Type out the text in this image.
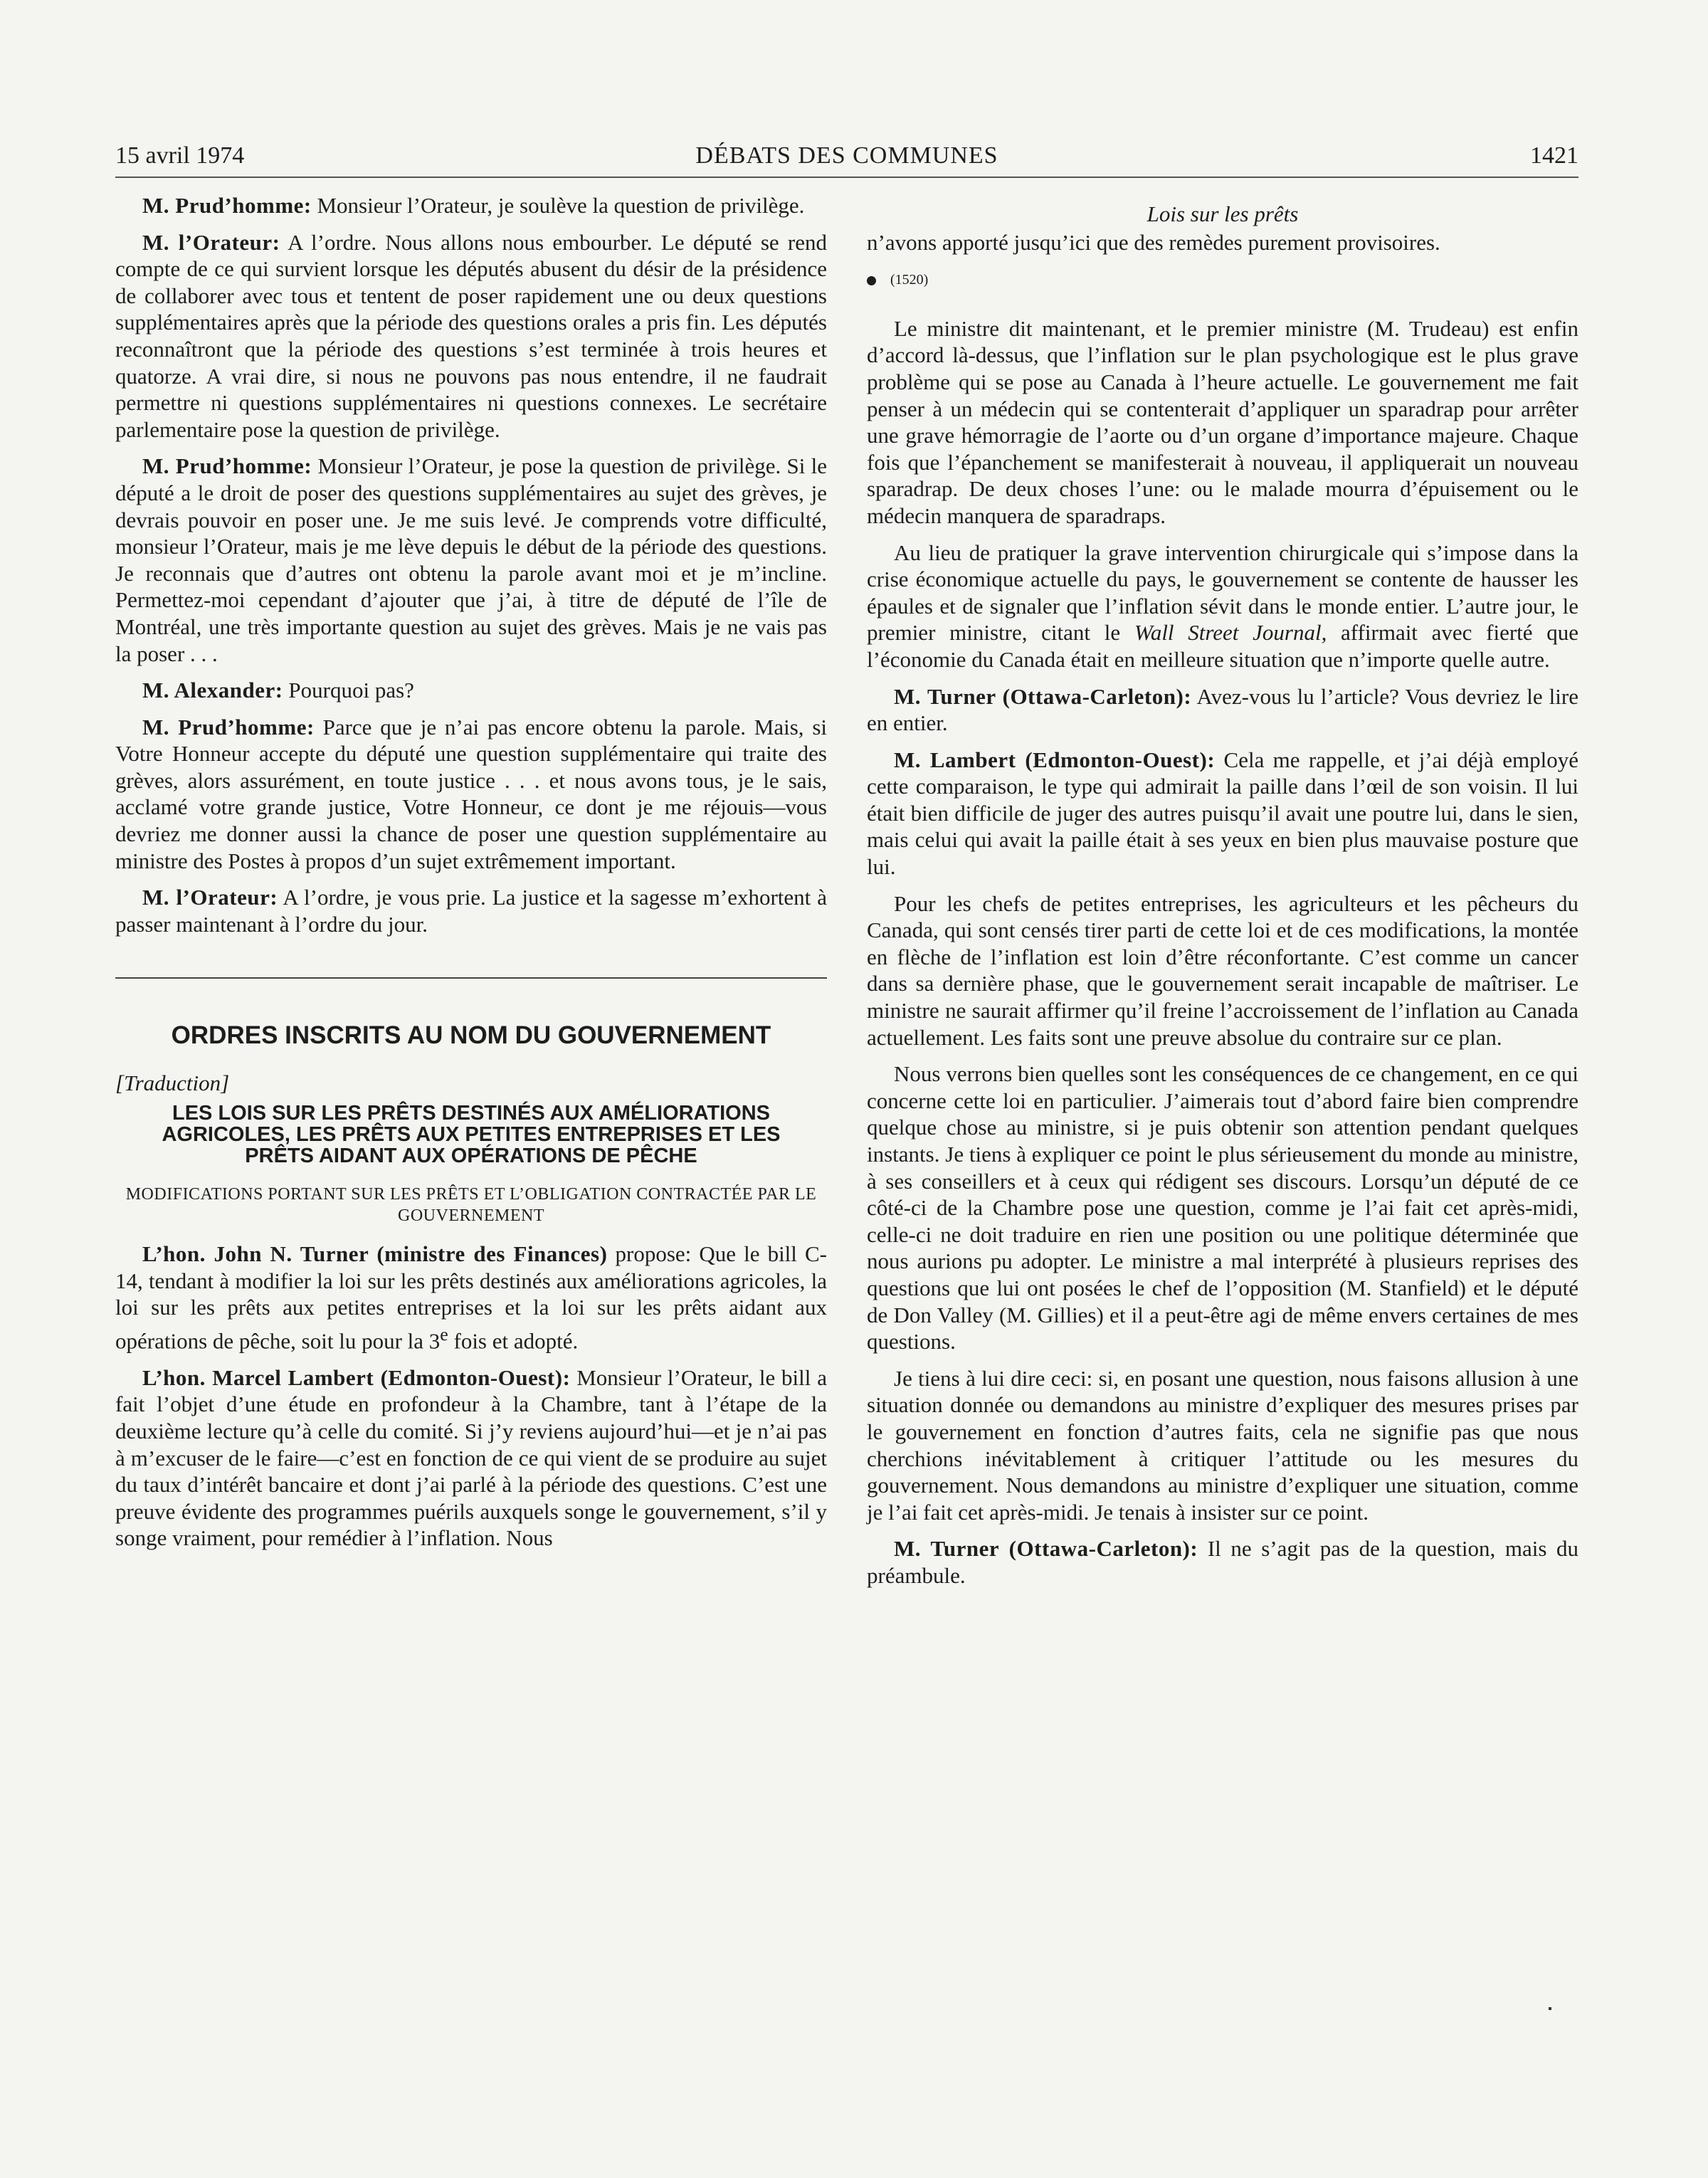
15 avril 1974	DÉBATS DES COMMUNES	1421

M. Prud’homme: Monsieur l’Orateur, je soulève la question de privilège.

M. l’Orateur: A l’ordre. Nous allons nous embourber. Le député se rend compte de ce qui survient lorsque les députés abusent du désir de la présidence de collaborer avec tous et tentent de poser rapidement une ou deux questions supplémentaires après que la période des questions orales a pris fin. Les députés reconnaîtront que la période des questions s’est terminée à trois heures et quatorze. A vrai dire, si nous ne pouvons pas nous entendre, il ne faudrait permettre ni questions supplémentaires ni questions connexes. Le secrétaire parlementaire pose la question de privilège.

M. Prud’homme: Monsieur l’Orateur, je pose la question de privilège. Si le député a le droit de poser des questions supplémentaires au sujet des grèves, je devrais pouvoir en poser une. Je me suis levé. Je comprends votre difficulté, monsieur l’Orateur, mais je me lève depuis le début de la période des questions. Je reconnais que d’autres ont obtenu la parole avant moi et je m’incline. Permettez-moi cependant d’ajouter que j’ai, à titre de député de l’île de Montréal, une très importante question au sujet des grèves. Mais je ne vais pas la poser . . .

M. Alexander: Pourquoi pas?

M. Prud’homme: Parce que je n’ai pas encore obtenu la parole. Mais, si Votre Honneur accepte du député une question supplémentaire qui traite des grèves, alors assurément, en toute justice . . . et nous avons tous, je le sais, acclamé votre grande justice, Votre Honneur, ce dont je me réjouis—vous devriez me donner aussi la chance de poser une question supplémentaire au ministre des Postes à propos d’un sujet extrêmement important.

M. l’Orateur: A l’ordre, je vous prie. La justice et la sagesse m’exhortent à passer maintenant à l’ordre du jour.

ORDRES INSCRITS AU NOM DU GOUVERNEMENT

[Traduction]

LES LOIS SUR LES PRÊTS DESTINÉS AUX AMÉLIORATIONS AGRICOLES, LES PRÊTS AUX PETITES ENTREPRISES ET LES PRÊTS AIDANT AUX OPÉRATIONS DE PÊCHE
MODIFICATIONS PORTANT SUR LES PRÊTS ET L’OBLIGATION CONTRACTÉE PAR LE GOUVERNEMENT

L’hon. John N. Turner (ministre des Finances) propose: Que le bill C-14, tendant à modifier la loi sur les prêts destinés aux améliorations agricoles, la loi sur les prêts aux petites entreprises et la loi sur les prêts aidant aux opérations de pêche, soit lu pour la 3e fois et adopté.

L’hon. Marcel Lambert (Edmonton-Ouest): Monsieur l’Orateur, le bill a fait l’objet d’une étude en profondeur à la Chambre, tant à l’étape de la deuxième lecture qu’à celle du comité. Si j’y reviens aujourd’hui—et je n’ai pas à m’excuser de le faire—c’est en fonction de ce qui vient de se produire au sujet du taux d’intérêt bancaire et dont j’ai parlé à la période des questions. C’est une preuve évidente des programmes puérils auxquels songe le gouvernement, s’il y songe vraiment, pour remédier à l’inflation. Nous

Lois sur les prêts

n’avons apporté jusqu’ici que des remèdes purement provisoires.

(1520)

Le ministre dit maintenant, et le premier ministre (M. Trudeau) est enfin d’accord là-dessus, que l’inflation sur le plan psychologique est le plus grave problème qui se pose au Canada à l’heure actuelle. Le gouvernement me fait penser à un médecin qui se contenterait d’appliquer un sparadrap pour arrêter une grave hémorragie de l’aorte ou d’un organe d’importance majeure. Chaque fois que l’épanchement se manifesterait à nouveau, il appliquerait un nouveau sparadrap. De deux choses l’une: ou le malade mourra d’épuisement ou le médecin manquera de sparadraps.

Au lieu de pratiquer la grave intervention chirurgicale qui s’impose dans la crise économique actuelle du pays, le gouvernement se contente de hausser les épaules et de signaler que l’inflation sévit dans le monde entier. L’autre jour, le premier ministre, citant le Wall Street Journal, affirmait avec fierté que l’économie du Canada était en meilleure situation que n’importe quelle autre.

M. Turner (Ottawa-Carleton): Avez-vous lu l’article? Vous devriez le lire en entier.

M. Lambert (Edmonton-Ouest): Cela me rappelle, et j’ai déjà employé cette comparaison, le type qui admirait la paille dans l’œil de son voisin. Il lui était bien difficile de juger des autres puisqu’il avait une poutre lui, dans le sien, mais celui qui avait la paille était à ses yeux en bien plus mauvaise posture que lui.

Pour les chefs de petites entreprises, les agriculteurs et les pêcheurs du Canada, qui sont censés tirer parti de cette loi et de ces modifications, la montée en flèche de l’inflation est loin d’être réconfortante. C’est comme un cancer dans sa dernière phase, que le gouvernement serait incapable de maîtriser. Le ministre ne saurait affirmer qu’il freine l’accroissement de l’inflation au Canada actuellement. Les faits sont une preuve absolue du contraire sur ce plan.

Nous verrons bien quelles sont les conséquences de ce changement, en ce qui concerne cette loi en particulier. J’aimerais tout d’abord faire bien comprendre quelque chose au ministre, si je puis obtenir son attention pendant quelques instants. Je tiens à expliquer ce point le plus sérieusement du monde au ministre, à ses conseillers et à ceux qui rédigent ses discours. Lorsqu’un député de ce côté-ci de la Chambre pose une question, comme je l’ai fait cet après-midi, celle-ci ne doit traduire en rien une position ou une politique déterminée que nous aurions pu adopter. Le ministre a mal interprété à plusieurs reprises des questions que lui ont posées le chef de l’opposition (M. Stanfield) et le député de Don Valley (M. Gillies) et il a peut-être agi de même envers certaines de mes questions.

Je tiens à lui dire ceci: si, en posant une question, nous faisons allusion à une situation donnée ou demandons au ministre d’expliquer des mesures prises par le gouvernement en fonction d’autres faits, cela ne signifie pas que nous cherchions inévitablement à critiquer l’attitude ou les mesures du gouvernement. Nous demandons au ministre d’expliquer une situation, comme je l’ai fait cet après-midi. Je tenais à insister sur ce point.

M. Turner (Ottawa-Carleton): Il ne s’agit pas de la question, mais du préambule.
